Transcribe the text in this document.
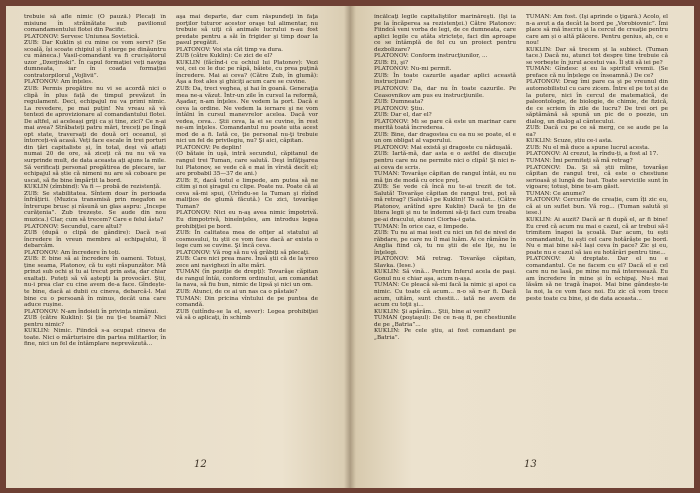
trebuie să afle nimic (O pauză.) Plecați în misiune în străinătate sub pavilionul comandamentului flotei din Pacific.

PLATONOV: Servesc Uniunea Sovietică.

ZUB: Dar Kuklin și cu mine ce vom servi? (Se scoală, își scoate chipiul și îl șterge pe dinăuntru cu mâneca.) Vasil-comandant va fi crucișătorul uzor „Dzerjinski”. În capul formației veți naviga dumneata, iar în coada formației contratorpilorul „Vojlivii”.

PLATONOV: Am înțeles.

ZUB: Permis pregătire nu vi se acordă nici o clipă în plus față de timpul prevăzut în regulament. Deci, echipajul nu va primi nimic. La revedere, pe mai puțin! Nu vreau să vă tentezi de aprovizionare al comandantului flotei. De altfel, ai aceleași griji ca și tine, zici? Ce n-ai mai avea? Străbateți patru mări, treceți pe lîngă opt state, traversați de două ori oceanul, și întorceți-vă acasă. Veți face escale în trei porturi din țări capitaliste și, în total, deși vă aflați numai 20 de ore, să ziceți că nu nu vă va surprinde mult, de data aceasta ați ajuns la mile. Să verificați personal pregătirea de plecare, iar echipajul să știe că nimeni nu are să coboare pe uscat, să fie bine împărțit la bord.

KUKLIN (zîmbind): Va fi — probă de rezistență.

ZUB: Se stabilitatea. Sîntem doar în perioada înfrățirii. (Muzica transmisă prin megafon se întrerupe brusc și răsună un glas aspru: „Incepe curățenia”. Zub trezește. Se aude din nou muzica.) Clar, cum să trecem? Care e felul ăsta?

PLATONOV: Secundul, care altul?

ZUB (după o clipă de gândire): Dacă n-ai încredere în vreun membru al echipajului, îl debarcăm.

PLATONOV: Am încredere în toți.

ZUB: E bine să ai încredere în oameni. Totuși, ține seama, Platonov, că tu ești răspunzător. Mă prinzi sub ochi și tu ai trecut prin asta, dar chiar exaltați. Puteți să vă aștepți la provocări. Știi, nu-i prea clar cu cine avem de-a face. Gîndește-te bine, dacă ai dubii cu cineva, debarcă-l. Mai bine cu o persoană în minus, decât una care aduce rușine.

PLATONOV: N-am îndoieli în privința nimănui.

ZUB (către Kuklin): Și ție nu ți-e teamă? Nici pentru nimic?

KUKLIN: Nimic. Fiindcă s-a ocupat cineva de toate. Nici o mărturisire din partea militarilor, în fine, nici un fel de întâmplare neprevăzută...

aşa mai departe, dar cum răspundeţi în faţa porţilor tuturor acestor oraşe tul alimentar, nu trebuie să uiţi că animale lucrului n-au fost predate pentru a săi în frigider şi timp doar la pasul pregătit.

PLATONOV: Voi sta cât timp va dura.

ZUB (către Kuklin): Ce zici de el?

KUKLIN (făcînd-i cu ochiul lui Platonov): Vezi voi, cei ce le duc pe râpă, băiete, cu prea puţină încredere. Mai ai ceva? (Către Zub, în glumă): Aşa a fost ales şi ghiciţi acum care se cuvine.

ZUB: Da, treci veghea, şi hai în goană. Generaţia mea ne-a văzut. Într-un zile în cursul la reformă, Aşadar, n-am înţeles. Ne vedem la port. Dacă e ceva la ordine. Ne vedem la iernare şi ne vom întâlni în cursul manevrelor acelea. Dacă vor vedea, ceva... Ştii ceva, la ei se cuvine, în rest ne-am înţeles. Comandantul nu poate uita acest mod de a fi. Iată ce, ţie personal nu-ţi trebuie nici un fel de privilegiu, nu? Şi aici, căpitan.

PLATONOV: Pe deplin!

(O bătaie în uşă, intră secundul, căpitanul de rangul trei Tuman, care salută. Deşi înfăţişarea lui Platonov, se vede că e mai în vîrstă decît el; are probabil 35—37 de ani.)

ZUB: E, dacă totul e limpede, am putea să ne citim şi noi şiragul cu clipe. Poate nu. Poate că ai ceva să-mi spui, (Urîndu-se la Tuman şi rîzînd maliţios de glumă făcută.) Ce zici, tovarăşe Tuman?

PLATONOV: Nici eu n-aş avea nimic împotrivă. Eu dimpotrivă, bineînţeles, am introdus legea prohibiţiei pe bord.

ZUB: În calitatea mea de ofiţer al statului al cosmosului, tu ştii ce vom face dacă ar exista o lege cum se cuvine. Şi încă ceva.

PLATONOV: Vă rog să nu vă grăbiţi să plecaţi.

ZUB: Care nici prea mare. Însă ştii că de la vreo zece ani navighezi în alte mări.

TUMAN (în poziţie de drepţi): Tovarăşe căpitan de rangul întâi, conform ordinului, am comandat la nava, să fiu bun, nimic de lipsă şi nici un om.

ZUB: Atunci, de ce ai un nas ca o păstaie?

TUMAN: Din pricina vîntului de pe puntea de comandă.

ZUB (uitîndu-se la el, sever): Legea prohibiţiei vă să o aplicaţi, în schimb

12

încălcaţi legile capitaliştilor marinăreşti. (Îşi ia pe la încăperea sa rezistenţei.) Către Platonov: Fiindcă veni vorba de legi, de ce dumneata, care aplici legile cu atâta strictețe, faci din aproape ce se întâmplă de fel cu un proiect pentru dezbolizare?

PLATONOV: Conform instrucţiunilor, ...

ZUB: Ei, şi?

PLATONOV: Nu-mi permit.

ZUB: În toate cazurile aşadar aplici această instrucţiune?

PLATONOV: Da, dar nu în toate cazurile. Pe Ceasovnikov am pus eu instrucţiunile.

ZUB: Dumneata?

PLATONOV: Ştiu.

ZUB: Dar el, dar el?

PLATONOV: Mi se pare că este un marinar care merită toată încrederea.

ZUB: Bine, dar dragostea cu ea nu se poate, el e un om obligat al vaporului.

PLATONOV: Mai există şi dragoste cu năduşală.

ZUB: Iartă-mă, dar asta e o astfel de discuţie pentru care nu ne permite nici o clipă! Şi nici n-ai ceva de scris.

TUMAN: Tovarăşe căpitan de rangul întâi, eu nu mă ţin de modă cu orice preţ.

ZUB: Se vede că încă nu te-ai trezit de tot. Salută! Tovarăşe căpitan de rangul trei, pot să mă retrag? (Salută-l pe Kuklin)! Te salut... (Către Platonov, arătînd spre Kuklin) Dacă te ţin de litera legii şi nu te îndemni să-ţi faci cum treaba pe-ai dracului, atunci Ciorba-i gata.

TUMAN: În orice caz, e limpede.

ZUB: Tu nu ai mai iesit cu nici un fel de nivel de răbdare, pe care nu îl mai luăm. Ai ce rămâne în Anglia fiind că, tu nu ştii de ele Iţe, nu le înţelegi.

PLATONOV: Mă retrag. Tovarăşe căpitan, Slavka. (Iese.)

KUKLIN: Să vină... Pentru Inferul acela de paşi. Gonul nu e chiar aşa, acum n-aşa.

TUMAN: Ce pleacă să-mi facă la nimic şi apoi ca nimic. Cu toate că acum... n-o să n-ar fi. Dacă acum, uităm, sunt chestii... iată ne avem de acum cu toţii şi...

KUKLIN: Şi apărăm... Ştii, bine ai venit?

TUMAN (poştaşul): De ce n-aş fi, pe chestiunile de pe „Batria”...

KUKLIN: Pe cele ştiu, ai fost comandant pe „Batria”.

TUMAN: Am fost. (Îşi aprinde o ţigară.) Acolo, el n-a avut a da decât la bord pe „Vorobiovnic”. Îmi place să mă înscriu şi la cercul de creaţie pentru care am și o altă plăcere. Pentru genius, ah, ce e nou!

KUKLIN: Dar să trecem și la subiect. (Tuman tace.) Dacă nu, atunci tot despre tine trebuie că se vorbește în jurul acestui vas. Îl știi să iei pe?

TUMAN: Gîndesc și eu la spiritul vremii. (Se preface că nu înțelege ce înseamnă.) De ce?

PLATONOV: Drag îmi pare ca și pe vreunul din automobilistul cu care zicem. Între el pe tot și de la putere, nici în cercul de matematică, de paleontologie, de biologie, de chimie, de fizică, de ce scriem în zile de lucru? De trei ori pe săptămână să spună un pic de o poezie, un dialog, un dialog al cântecului.

ZUB: Dacă cu pe ce să merg, ce se aude pe la ea?

KUKLIN: Scuze, știu ce-i asta.

ZUB: Nu el mă duce a spune lucrul acesta.

PLATONOV: Al crezut, la rîndu-ți, a fost al 17.

TUMAN: Îmi permiteți să mă retrag?

PLATONOV: Da. Și să știi mîine, tovarășe căpitan de rangul trei, că este o chestiune serioasă și lungă de luat. Toate serviciile sunt în vigoare; totuși, bine te-am găsit.

TUMAN: Ce anume?

PLATONOV: Cercurile de creație, cum îți zic eu, că ai un suflet bun. Vă rog... (Tuman salută și iese.)

KUKLIN: Ai auzit? Dacă ar fi după el, ar fi bine! Eu cred că acum nu mai e cazul, că ar trebui să-l trimitem înapoi la școală. Dar acum, tu ești comandantul, tu ești cel care hotărăște pe bord. Nu e mai bine să-l lași ceva în pace? Zic și eu, poate nu e cazul să iau eu hotărâri pentru tine...

PLATONOV: Ai dreptate. Dar el nu e comandantul. Ce ne facem cu el? Dacă el e cel care nu ne lasă, pe mine nu mă interesează. Eu am încredere în mine și în echipaj. Nu-i mai lăsăm să ne tragă înapoi. Mai bine gândește-te la noi, la ce vom face noi. Eu zic că vom trece peste toate cu bine, și de data aceasta...

13
